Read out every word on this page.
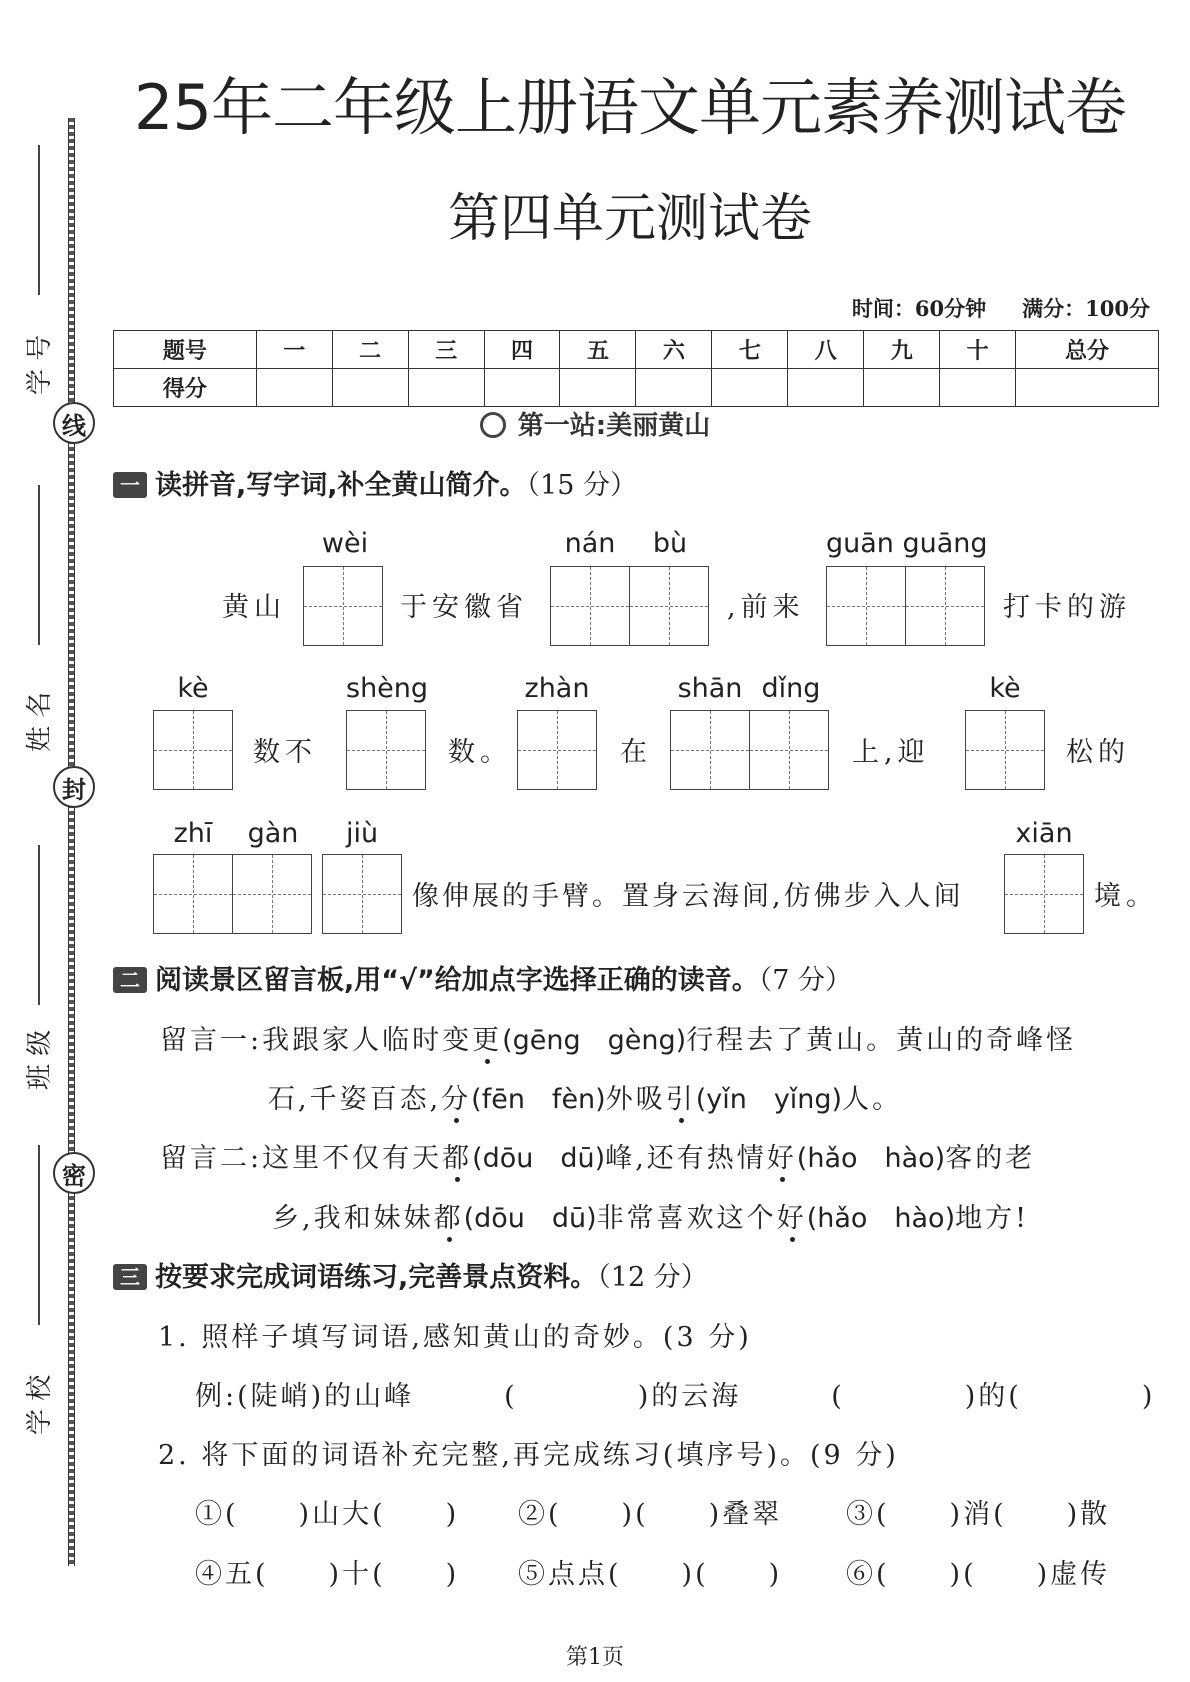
线
封
密
学 号
姓 名
班 级
学 校
25年二年级上册语文单元素养测试卷
第四单元测试卷
时间：60分钟 满分：100分
题号	一	二	三	四	五	六	七	八	九	十	总分
得分											
第一站:美丽黄山
一 读拼音,写字词,补全黄山简介。（15 分）
wèi	nán	bù	guān guāng
黄山	于安徽省	,前来	打卡的游
kè	shèng	zhàn	shān dǐng	kè
数不	数。	在	上,迎	松的
zhī	gàn	jiù	xiān
像伸展的手臂。置身云海间,仿佛步入人间	境。
二 阅读景区留言板,用“√”给加点字选择正确的读音。（7 分）
留言一:我跟家人临时变更(gēng　gèng)行程去了黄山。黄山的奇峰怪
石,千姿百态,分(fēn　fèn)外吸引(yǐn　yǐng)人。
留言二:这里不仅有天都(dōu　dū)峰,还有热情好(hǎo　hào)客的老
乡,我和妹妹都(dōu　dū)非常喜欢这个好(hǎo　hào)地方!
三 按要求完成词语练习,完善景点资料。（12 分）
1. 照样子填写词语,感知黄山的奇妙。(3 分)
例:(陡峭)的山峰　　　(　　　　)的云海　　　(　　　　)的(　　　　)
2. 将下面的词语补充完整,再完成练习(填序号)。(9 分)
①(　　)山大(　　) ②(　　)(　　)叠翠 ③(　　)消(　　)散
④五(　　)十(　　) ⑤点点(　　)(　　) ⑥(　　)(　　)虚传
第1页
